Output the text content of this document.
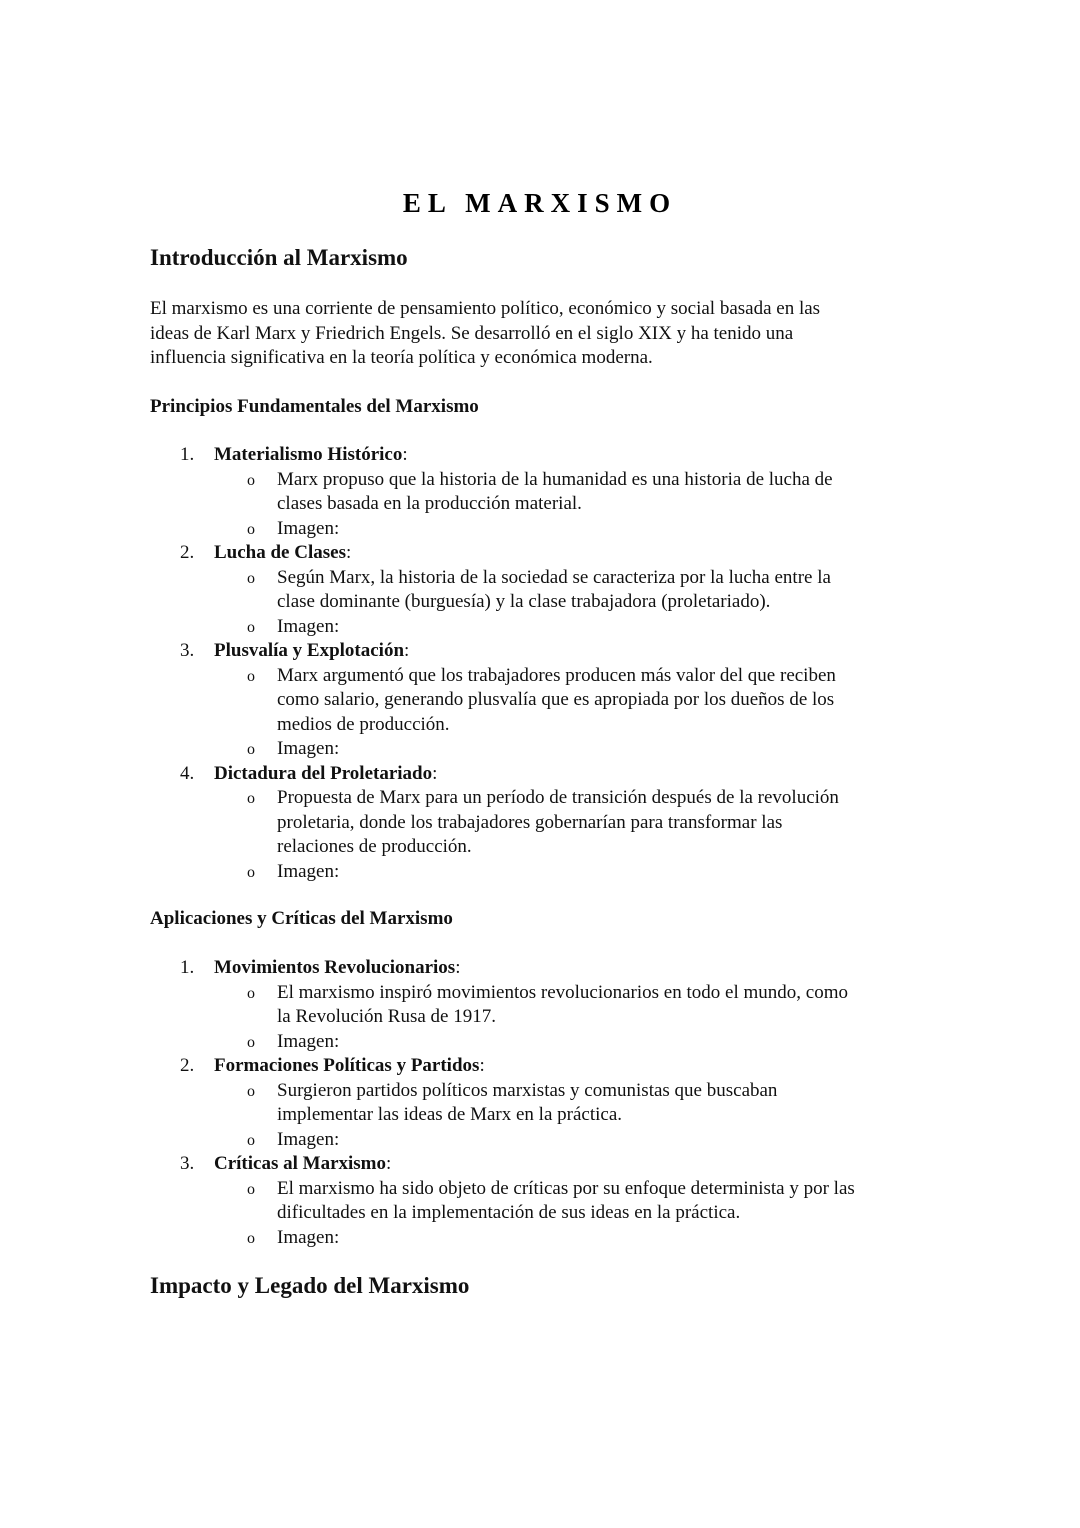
EL MARXISMO
Introducción al Marxismo
El marxismo es una corriente de pensamiento político, económico y social basada en las
ideas de Karl Marx y Friedrich Engels. Se desarrolló en el siglo XIX y ha tenido una
influencia significativa en la teoría política y económica moderna.
Principios Fundamentales del Marxismo
1. Materialismo Histórico:
o Marx propuso que la historia de la humanidad es una historia de lucha de
clases basada en la producción material.
o Imagen:
2. Lucha de Clases:
o Según Marx, la historia de la sociedad se caracteriza por la lucha entre la
clase dominante (burguesía) y la clase trabajadora (proletariado).
o Imagen:
3. Plusvalía y Explotación:
o Marx argumentó que los trabajadores producen más valor del que reciben
como salario, generando plusvalía que es apropiada por los dueños de los
medios de producción.
o Imagen:
4. Dictadura del Proletariado:
o Propuesta de Marx para un período de transición después de la revolución
proletaria, donde los trabajadores gobernarían para transformar las
relaciones de producción.
o Imagen:
Aplicaciones y Críticas del Marxismo
1. Movimientos Revolucionarios:
o El marxismo inspiró movimientos revolucionarios en todo el mundo, como
la Revolución Rusa de 1917.
o Imagen:
2. Formaciones Políticas y Partidos:
o Surgieron partidos políticos marxistas y comunistas que buscaban
implementar las ideas de Marx en la práctica.
o Imagen:
3. Críticas al Marxismo:
o El marxismo ha sido objeto de críticas por su enfoque determinista y por las
dificultades en la implementación de sus ideas en la práctica.
o Imagen:
Impacto y Legado del Marxismo
